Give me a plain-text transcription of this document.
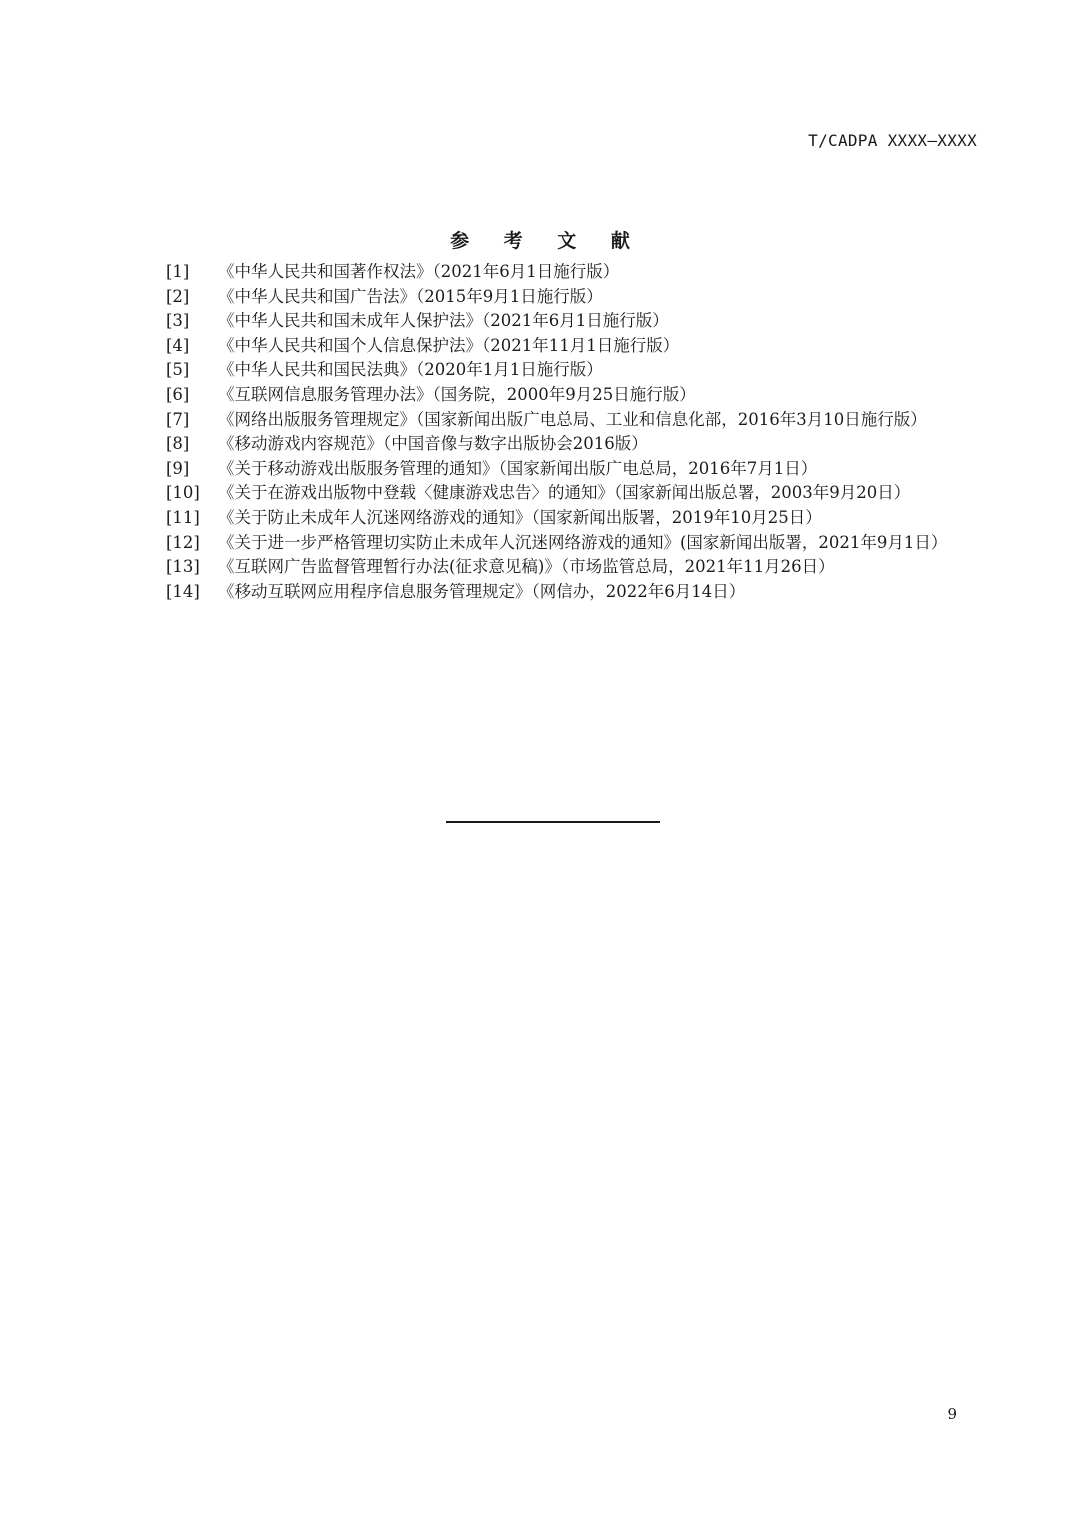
T/CADPA XXXX—XXXX
参 考 文 献
[1] 《中华人民共和国著作权法》（2021年6月1日施行版）
[2] 《中华人民共和国广告法》（2015年9月1日施行版）
[3] 《中华人民共和国未成年人保护法》（2021年6月1日施行版）
[4] 《中华人民共和国个人信息保护法》（2021年11月1日施行版）
[5] 《中华人民共和国民法典》（2020年1月1日施行版）
[6] 《互联网信息服务管理办法》（国务院，2000年9月25日施行版）
[7] 《网络出版服务管理规定》（国家新闻出版广电总局、工业和信息化部，2016年3月10日施行版）
[8] 《移动游戏内容规范》（中国音像与数字出版协会2016版）
[9] 《关于移动游戏出版服务管理的通知》（国家新闻出版广电总局，2016年7月1日）
[10] 《关于在游戏出版物中登载〈健康游戏忠告〉的通知》（国家新闻出版总署，2003年9月20日）
[11] 《关于防止未成年人沉迷网络游戏的通知》（国家新闻出版署，2019年10月25日）
[12] 《关于进一步严格管理切实防止未成年人沉迷网络游戏的通知》(国家新闻出版署，2021年9月1日）
[13] 《互联网广告监督管理暂行办法(征求意见稿)》（市场监管总局，2021年11月26日）
[14] 《移动互联网应用程序信息服务管理规定》（网信办，2022年6月14日）
9
